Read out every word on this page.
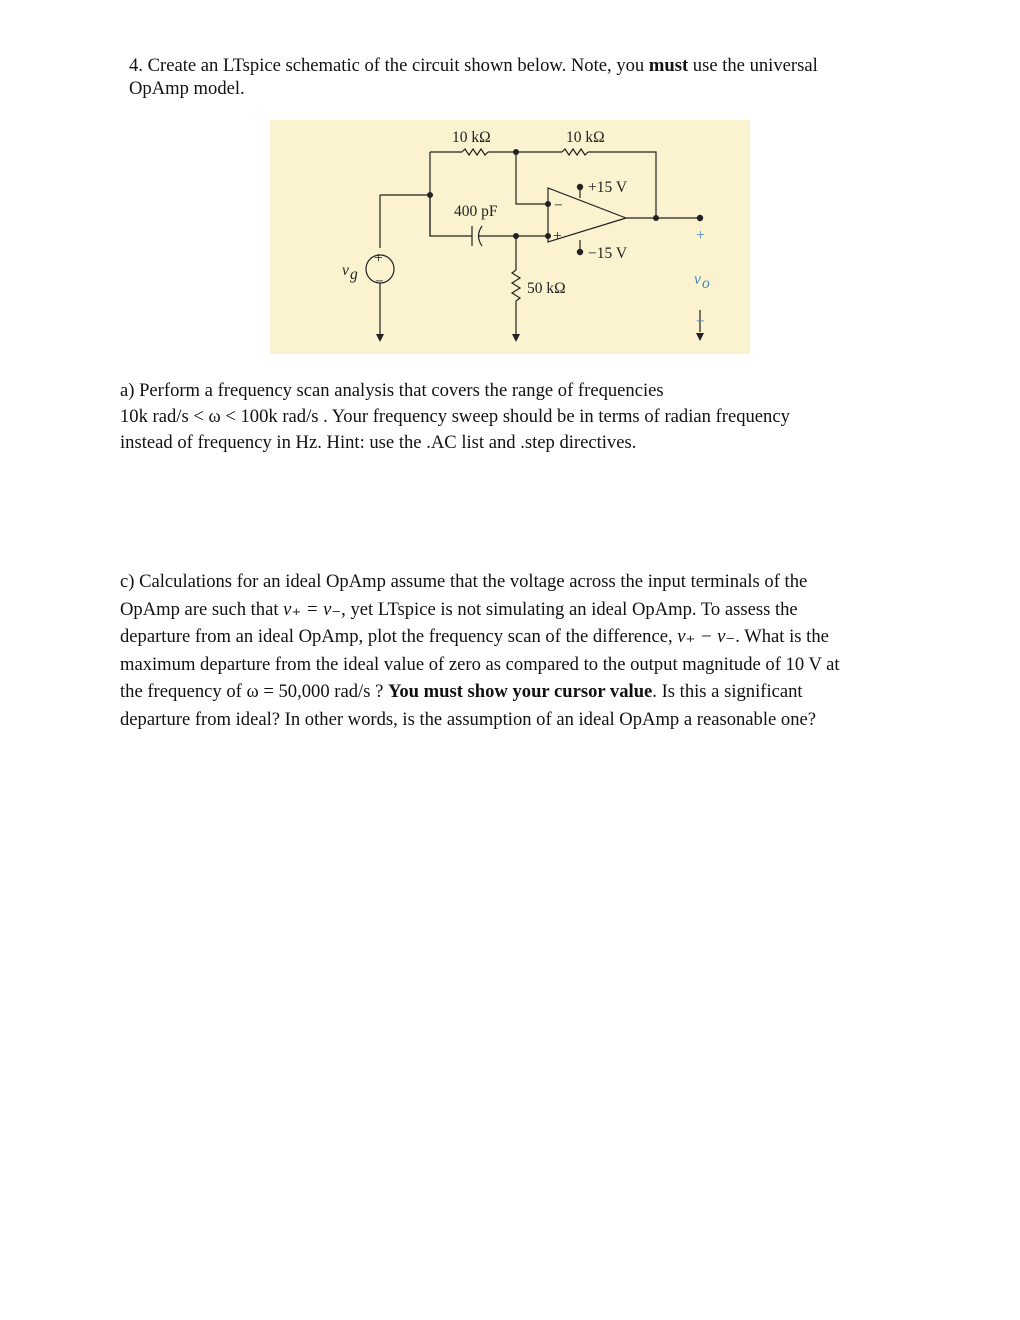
4. Create an LTspice schematic of the circuit shown below. Note, you must use the universal
OpAmp model.
10 kΩ	10 kΩ
400 pF
50 kΩ
+15 V
−15 V
+
−
−
+
v g
+
v o
−
a) Perform a frequency scan analysis that covers the range of frequencies
10k rad/s < ω < 100k rad/s . Your frequency sweep should be in terms of radian frequency
instead of frequency in Hz. Hint: use the .AC list and .step directives.
c) Calculations for an ideal OpAmp assume that the voltage across the input terminals of the
OpAmp are such that v₊ = v₋, yet LTspice is not simulating an ideal OpAmp. To assess the
departure from an ideal OpAmp, plot the frequency scan of the difference, v₊ − v₋. What is the
maximum departure from the ideal value of zero as compared to the output magnitude of 10 V at
the frequency of ω = 50,000 rad/s ? You must show your cursor value. Is this a significant
departure from ideal? In other words, is the assumption of an ideal OpAmp a reasonable one?
